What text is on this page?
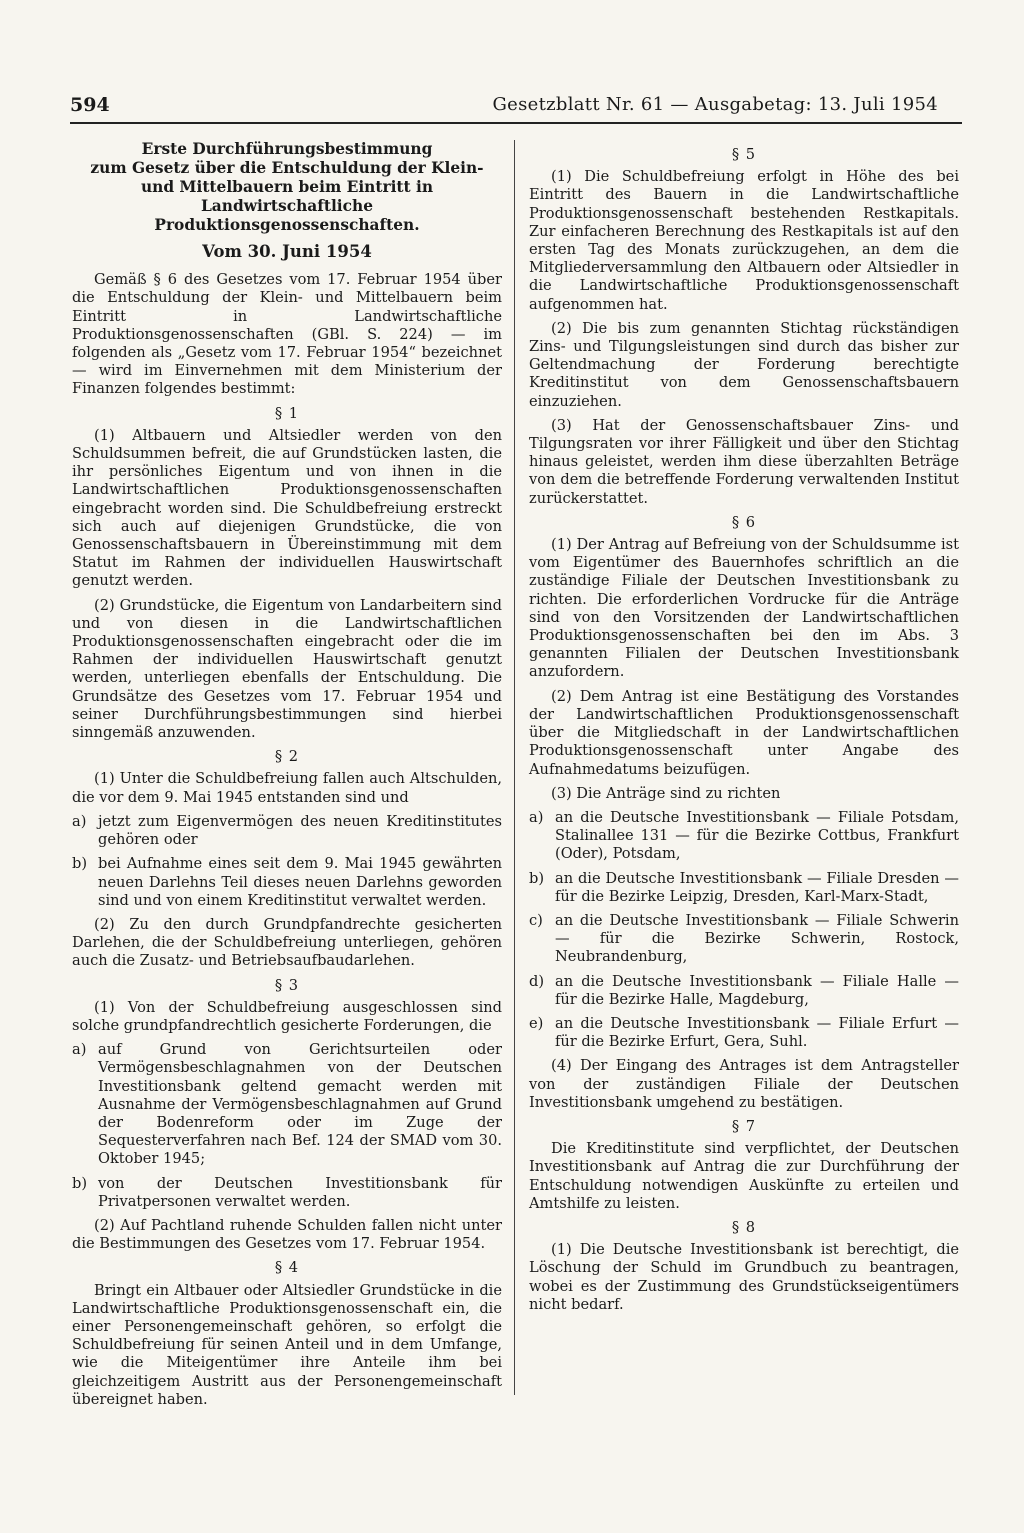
594	Gesetzblatt Nr. 61 — Ausgabetag: 13. Juli 1954

Erste Durchführungsbestimmung
zum Gesetz über die Entschuldung der Klein- und Mittelbauern beim Eintritt in Landwirtschaftliche Produktionsgenossenschaften.

Vom 30. Juni 1954

Gemäß § 6 des Gesetzes vom 17. Februar 1954 über die Entschuldung der Klein- und Mittelbauern beim Eintritt in Landwirtschaftliche Produktionsgenossenschaften (GBl. S. 224) — im folgenden als „Gesetz vom 17. Februar 1954“ bezeichnet — wird im Einvernehmen mit dem Ministerium der Finanzen folgendes bestimmt:

§ 1

(1) Altbauern und Altsiedler werden von den Schuldsummen befreit, die auf Grundstücken lasten, die ihr persönliches Eigentum und von ihnen in die Landwirtschaftlichen Produktionsgenossenschaften eingebracht worden sind. Die Schuldbefreiung erstreckt sich auch auf diejenigen Grundstücke, die von Genossenschaftsbauern in Übereinstimmung mit dem Statut im Rahmen der individuellen Hauswirtschaft genutzt werden.

(2) Grundstücke, die Eigentum von Landarbeitern sind und von diesen in die Landwirtschaftlichen Produktionsgenossenschaften eingebracht oder die im Rahmen der individuellen Hauswirtschaft genutzt werden, unterliegen ebenfalls der Entschuldung. Die Grundsätze des Gesetzes vom 17. Februar 1954 und seiner Durchführungsbestimmungen sind hierbei sinngemäß anzuwenden.

§ 2

(1) Unter die Schuldbefreiung fallen auch Altschulden, die vor dem 9. Mai 1945 entstanden sind und

a) jetzt zum Eigenvermögen des neuen Kreditinstitutes gehören oder
b) bei Aufnahme eines seit dem 9. Mai 1945 gewährten neuen Darlehns Teil dieses neuen Darlehns geworden sind und von einem Kreditinstitut verwaltet werden.

(2) Zu den durch Grundpfandrechte gesicherten Darlehen, die der Schuldbefreiung unterliegen, gehören auch die Zusatz- und Betriebsaufbaudarlehen.

§ 3

(1) Von der Schuldbefreiung ausgeschlossen sind solche grundpfandrechtlich gesicherte Forderungen, die

a) auf Grund von Gerichtsurteilen oder Vermögensbeschlagnahmen von der Deutschen Investitionsbank geltend gemacht werden mit Ausnahme der Vermögensbeschlagnahmen auf Grund der Bodenreform oder im Zuge der Sequesterverfahren nach Bef. 124 der SMAD vom 30. Oktober 1945;
b) von der Deutschen Investitionsbank für Privatpersonen verwaltet werden.

(2) Auf Pachtland ruhende Schulden fallen nicht unter die Bestimmungen des Gesetzes vom 17. Februar 1954.

§ 4

Bringt ein Altbauer oder Altsiedler Grundstücke in die Landwirtschaftliche Produktionsgenossenschaft ein, die einer Personengemeinschaft gehören, so erfolgt die Schuldbefreiung für seinen Anteil und in dem Umfange, wie die Miteigentümer ihre Anteile ihm bei gleichzeitigem Austritt aus der Personengemeinschaft übereignet haben.

§ 5

(1) Die Schuldbefreiung erfolgt in Höhe des bei Eintritt des Bauern in die Landwirtschaftliche Produktionsgenossenschaft bestehenden Restkapitals. Zur einfacheren Berechnung des Restkapitals ist auf den ersten Tag des Monats zurückzugehen, an dem die Mitgliederversammlung den Altbauern oder Altsiedler in die Landwirtschaftliche Produktionsgenossenschaft aufgenommen hat.

(2) Die bis zum genannten Stichtag rückständigen Zins- und Tilgungsleistungen sind durch das bisher zur Geltendmachung der Forderung berechtigte Kreditinstitut von dem Genossenschaftsbauern einzuziehen.

(3) Hat der Genossenschaftsbauer Zins- und Tilgungsraten vor ihrer Fälligkeit und über den Stichtag hinaus geleistet, werden ihm diese überzahlten Beträge von dem die betreffende Forderung verwaltenden Institut zurückerstattet.

§ 6

(1) Der Antrag auf Befreiung von der Schuldsumme ist vom Eigentümer des Bauernhofes schriftlich an die zuständige Filiale der Deutschen Investitionsbank zu richten. Die erforderlichen Vordrucke für die Anträge sind von den Vorsitzenden der Landwirtschaftlichen Produktionsgenossenschaften bei den im Abs. 3 genannten Filialen der Deutschen Investitionsbank anzufordern.

(2) Dem Antrag ist eine Bestätigung des Vorstandes der Landwirtschaftlichen Produktionsgenossenschaft über die Mitgliedschaft in der Landwirtschaftlichen Produktionsgenossenschaft unter Angabe des Aufnahmedatums beizufügen.

(3) Die Anträge sind zu richten

a) an die Deutsche Investitionsbank — Filiale Potsdam, Stalinallee 131 — für die Bezirke Cottbus, Frankfurt (Oder), Potsdam,
b) an die Deutsche Investitionsbank — Filiale Dresden — für die Bezirke Leipzig, Dresden, Karl-Marx-Stadt,
c) an die Deutsche Investitionsbank — Filiale Schwerin — für die Bezirke Schwerin, Rostock, Neubrandenburg,
d) an die Deutsche Investitionsbank — Filiale Halle — für die Bezirke Halle, Magdeburg,
e) an die Deutsche Investitionsbank — Filiale Erfurt — für die Bezirke Erfurt, Gera, Suhl.

(4) Der Eingang des Antrages ist dem Antragsteller von der zuständigen Filiale der Deutschen Investitionsbank umgehend zu bestätigen.

§ 7

Die Kreditinstitute sind verpflichtet, der Deutschen Investitionsbank auf Antrag die zur Durchführung der Entschuldung notwendigen Auskünfte zu erteilen und Amtshilfe zu leisten.

§ 8

(1) Die Deutsche Investitionsbank ist berechtigt, die Löschung der Schuld im Grundbuch zu beantragen, wobei es der Zustimmung des Grundstückseigentümers nicht bedarf.
